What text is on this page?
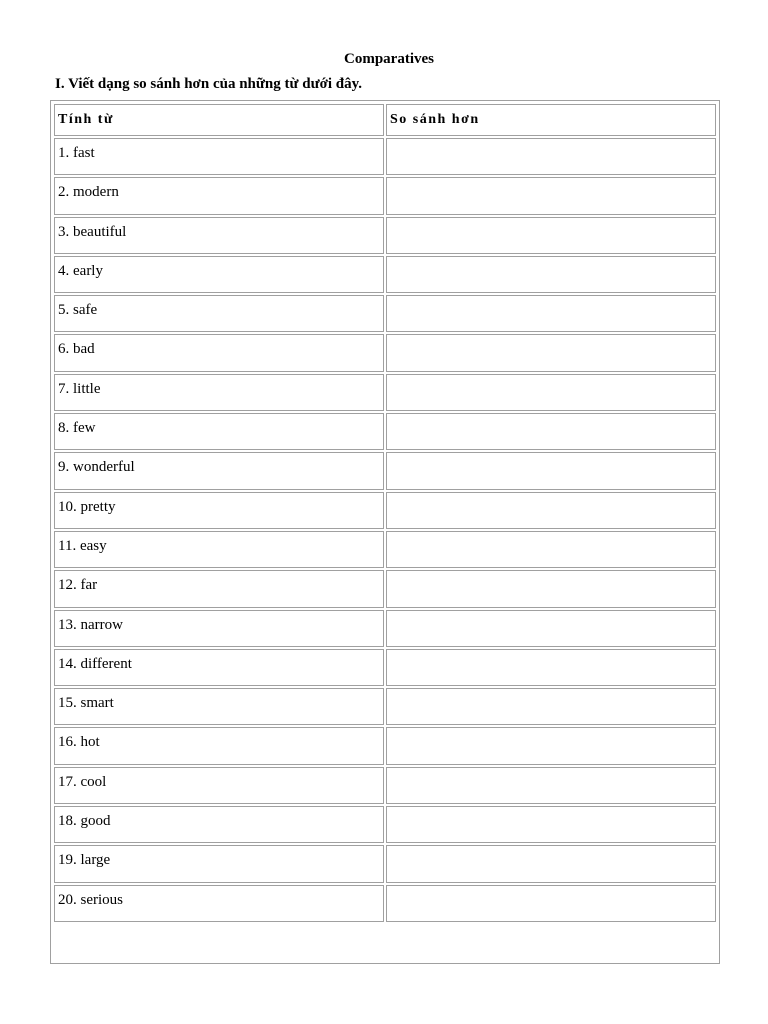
Comparatives
I. Viết dạng so sánh hơn của những từ dưới đây.
Tính từ	So sánh hơn
1. fast	
2. modern	
3. beautiful	
4. early	
5. safe	
6. bad	
7. little	
8. few	
9. wonderful	
10. pretty	
11. easy	
12. far	
13. narrow	
14. different	
15. smart	
16. hot	
17. cool	
18. good	
19. large	
20. serious	
